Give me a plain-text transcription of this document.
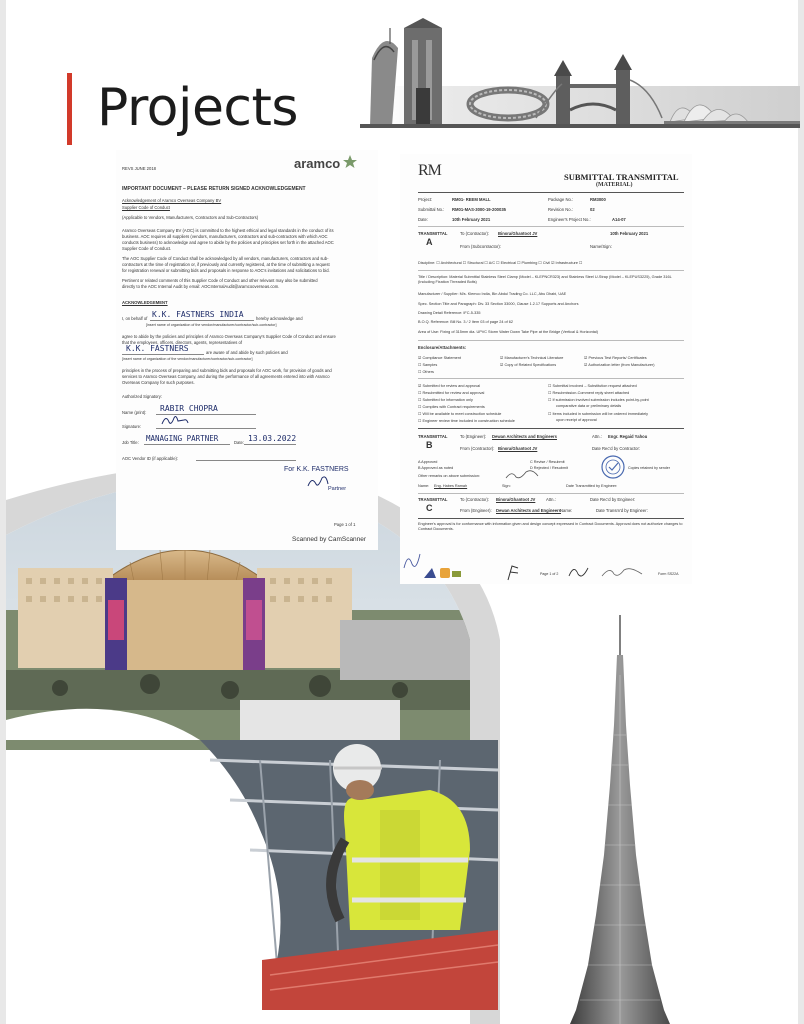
Projects
REVS JUNE 2018	aramco
IMPORTANT DOCUMENT – PLEASE RETURN SIGNED ACKNOWLEDGEMENT
Acknowledgement of Aramco Overseas Company BV
Supplier Code of Conduct
(Applicable to Vendors, Manufacturers, Contractors and Sub-Contractors)
Aramco Overseas Company BV (AOC) is committed to the highest ethical and legal standards in the conduct of its
business. AOC requires all suppliers (vendors, manufacturers, contractors and sub-contractors with which AOC
conducts business) to acknowledge and agree to abide by the policies and principles set forth in the attached AOC
Supplier Code of Conduct.
The AOC Supplier Code of Conduct shall be acknowledged by all vendors, manufacturers, contractors and sub-
contractors at the time of registration or, if previously and currently registered, at the time of submitting a request
for registration renewal or submitting bids and proposals in response to AOC's invitations and solicitations to bid.
Pertinent or related comments of this Supplier Code of Conduct and other relevant may also be submitted
directly to the AOC Internal Audit by email: AOCInternalAudit@aramcooverseas.com.
ACKNOWLEDGEMENT
I, on behalf of K.K. FASTNERS INDIA	hereby acknowledge and
[insert name of organization of the vendor/manufacturer/contractor/sub-contractor]
agree to abide by the policies and principles of Aramco Overseas Company's Supplier Code of Conduct and ensure
that the employees, officers, directors, agents, representatives of
K.K. FASTNERS	are aware of and abide by such policies and
[insert name of organization of the vendor/manufacturer/contractor/sub-contractor]
principles in the process of preparing and submitting bids and proposals for AOC work, for provision of goods and
services to Aramco Overseas Company, and during the performance of all agreements entered into with Aramco
Overseas Company for such purposes.
Authorized Signatory:
Name (print): RABIR CHOPRA
Signature:
Job Title: MANAGING PARTNER	Date: 13.03.2022
AOC Vendor ID (if applicable):
For K.K. FASTNERS
Partner
Page 1 of 1
Scanned by CamScanner
RM	SUBMITTAL TRANSMITTAL
(MATERIAL)
Project:	RM01- REEM MALL	Package No.:	RM3000
Submittal No.: RM01-MAS-3000-19-200035	Revision No.:	02
Date:	10th February 2021	Engineer's Project No.:	A14-07
TRANSMITTAL
A
To (Contractor): Binora/Ghantoot JV	10th February 2021
From (Subcontractor):	Name/Sign:
Discipline: ☐ Architectural ☐ Structural ☐ A/C ☐ Electrical ☐ Plumbing ☐ Civil ☑ Infrastructure ☐
Title / Description: Material Submittal Stainless Steel Clamp (Model – KLEPNCR323) and Stainless Steel U-Strap (Model – KLEPUS3225), Grade 316L (Including Fixation Threaded Bolts)
Manufacturer / Supplier: M/s. Klemco India, Bin Abdul Trading Co. LLC, Abu Dhabi, UAE
Spec. Section Title and Paragraph: Div. 33 Section 33000, Clause 1.2.17 Supports and Anchors
Drawing Detail Reference: IFC-5-335
B.O.Q. Reference: Bill No. 3 / 2 Item 03 of page 24 of 62
Area of Use: Fixing of 315mm dia. UPVC Storm Water Down Take Pipe at the Bridge (Vertical & Horizontal)
Enclosure/Attachments:
☑ Compliance Statement	☑ Manufacturer's Technical Literature	☑ Previous Test Reports/ Certificates
☐ Samples	☑ Copy of Related Specifications	☑ Authorization letter (from Manufacturer)
☐ Others
☑ Submitted for review and approval
☐ Resubmitted for review and approval
☐ Submitted for information only
☐ Complies with Contract requirements
☐ Will be available to meet construction schedule
☐ Engineer review time included in construction schedule
☐ Submittal involved – Substitution request attached
☐ Resubmission-Comment reply sheet attached
☐ If submission involved submission includes point-by-point
comparative data or preliminary details
☐ Items included in submission will be ordered immediately
upon receipt of approval
TRANSMITTAL
B
To (Engineer): Dewan Architects and Engineers	Attn.: Engr. Regaid Yahou
From (Contractor): Binora/Ghantoot JV	Date Rec'd by Contractor:
A Approved
B Approved as noted
C Revise / Resubmit
D Rejected / Resubmit	Copies retained by sender
Other remarks on above submission:
Name: Eng. Habes Ramah	Sign:	Date Transmitted by Engineer:
TRANSMITTAL
C
To (Contractor): Binora/Ghantoot JV	Attn.:	Date Rec'd by Engineer:
From (Engineer): Dewan Architects and Engineers
Name:	Date Transm'd by Engineer:
Engineer's approval is for conformance with information given and design concept expressed in Contract Documents. Approval does not authorize changes to Contract Documents.
Page 1 of 2	Form SS22A
